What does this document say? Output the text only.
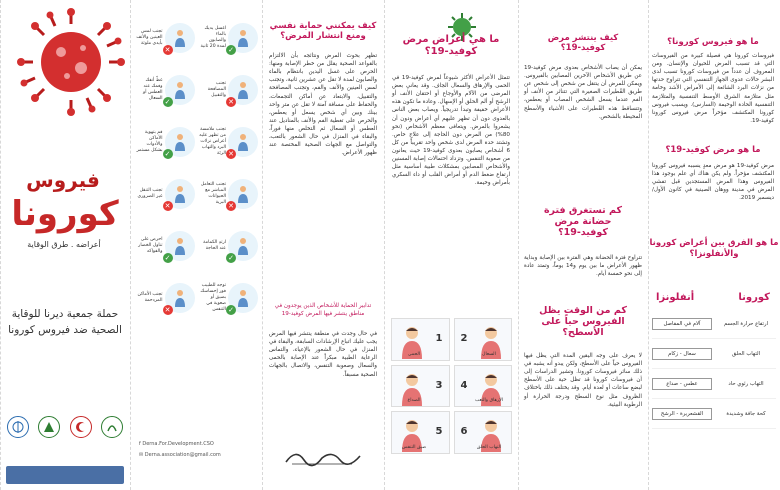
فيروس
كورونا
أعراضه . طرق الوقاية
حملة جمعية ديرنا للوقاية الصحية ضد فيروس كورونا
✓
اغسل يديك بالماء والصابون لمدة 20 ثانية
✕
تجنب لمس العينين والأنف بأيدي ملوثة
✕
تجنب المصافحة والتقبيل
✓
غطّ أنفك وفمك عند العطس أو السعال
✕
تجنب ملامسة من تظهر عليه أعراض نزلات البرد والتهاب الرئة
✓
قم بتهوية الأماكن والأدوات بشكل مستمر
✕
تجنب التعامل المباشر مع الحيوانات البرية
✕
تجنب التنقل غير الضروري
✓
ارتدِ الكمامة عند الحاجة
✓
احرص على تناول الخضار والفواكه
✓
توجه للطبيب فور إحساسك بضيق أو صعوبة في التنفس
✕
تجنب الأماكن المزدحمة
f Derna.For.Development.CSO
✉ Derna.association@gmail.com
كيف يمكنني حماية نفسي ومنع انتشار المرض؟
تظهر بحوث المرض ونتائجه بأن الالتزام بالقواعد الصحية يقلل من خطر الإصابة ومنها: الحرص على غسل اليدين بانتظام بالماء والصابون لمدة لا تقل عن عشرين ثانية، وتجنب لمس العينين والأنف والفم، وتجنب المصافحة والتقبيل، والابتعاد عن أماكن التجمعات، والحفاظ على مسافة آمنة لا تقل عن متر واحد بينك وبين أي شخص يسعل أو يعطس، والحرص على تغطية الفم والأنف بالمناديل عند العطس أو السعال ثم التخلص منها فوراً، والبقاء في المنزل في حال الشعور بالتعب، والتواصل مع الجهات الصحية المختصة عند ظهور الأعراض.
تدابير الحماية للأشخاص الذين يوجدون في مناطق ينتشر فيها المرض كوفيد-19
في حال وجدت في منطقة ينتشر فيها المرض يجب عليك اتباع الإرشادات السابقة، والبقاء في المنزل في حال الشعور بالإعياء، والتماس الرعاية الطبية مبكراً عند الإصابة بالحمى والسعال وصعوبة التنفس، والاتصال بالجهات الصحية مسبقاً.
ما هي أعراض مرض كوفيد-19؟
تتمثل الأعراض الأكثر شيوعاً لمرض كوفيد-19 في الحمى والإرهاق والسعال الجاف. وقد يعاني بعض المرضى من الآلام والأوجاع أو احتقان الأنف أو الرشح أو ألم الحلق أو الإسهال. وعادة ما تكون هذه الأعراض خفيفة وتبدأ تدريجياً. ويصاب بعض الناس بالعدوى دون أن تظهر عليهم أي أعراض ودون أن يشعروا بالمرض. ويتعافى معظم الأشخاص (نحو 80%) من المرض دون الحاجة إلى علاج خاص. وتشتد حدة المرض لدى شخص واحد تقريباً من كل 6 أشخاص يصابون بعدوى كوفيد-19 حيث يعانون من صعوبة التنفس. وتزداد احتمالات إصابة المسنين والأشخاص المصابين بمشكلات طبية أساسية مثل ارتفاع ضغط الدم أو أمراض القلب أو داء السكري بأمراض وخيمة.
1
الحمى
2
السعال
3
الصداع
4
الإرهاق والتعب
5
ضيق التنفس
6
التهاب الحلق
كيف ينتشر مرض كوفيد-19؟
يمكن أن يصاب الأشخاص بعدوى مرض كوفيد-19 عن طريق الأشخاص الآخرين المصابين بالفيروس. ويمكن للمرض أن ينتقل من شخص إلى شخص عن طريق القُطيرات الصغيرة التي تتناثر من الأنف أو الفم عندما يسعل الشخص المصاب أو يعطس، وتتساقط هذه القُطيرات على الأشياء والأسطح المحيطة بالشخص.
كم تستغرق فترة حضانة مرض كوفيد-19؟
تتراوح فترة الحضانة وهي الفترة بين الإصابة وبداية ظهور الأعراض ما بين يوم و14 يوماً، وتمتد عادة إلى نحو خمسة أيام.
كم من الوقت يظل الفيروس حياً على الأسطح؟
لا يعرف على وجه اليقين المدة التي يظل فيها الفيروس حياً على الأسطح، ولكن يبدو أنه يشبه في ذلك سائر فيروسات كورونا. وتشير الدراسات إلى أن فيروسات كورونا قد تظل حية على الأسطح لبضع ساعات أو لعدة أيام. وقد يختلف ذلك باختلاف الظروف مثل نوع السطح ودرجة الحرارة أو الرطوبة البيئية.
ما هو فيروس كورونا؟
فيروسات كورونا هي فصيلة كبيرة من الفيروسات التي قد تسبب المرض للحيوان والإنسان. ومن المعروف أن عدداً من فيروسات كورونا تسبب لدى البشر حالات عدوى الجهاز التنفسي التي تتراوح حدتها من نزلات البرد الشائعة إلى الأمراض الأشد وخامة مثل متلازمة الشرق الأوسط التنفسية والمتلازمة التنفسية الحادة الوخيمة (السارس). ويسبب فيروس كورونا المكتشف مؤخراً مرض فيروس كورونا كوفيد-19.
ما هو مرض كوفيد-19؟
مرض كوفيد-19 هو مرض معدٍ يسببه فيروس كورونا المكتشف مؤخراً. ولم يكن هناك أي علم بوجود هذا الفيروس وهذا المرض المستجدين قبل تفشي المرض في مدينة ووهان الصينية في كانون الأول/ ديسمبر 2019.
ما هو الفرق بين أعراض كورونا والأنفلونزا؟
كورونا
أنفلونزا
ارتفاع حرارة الجسم
آلام في المفاصل
التهاب الحلق
سعال - زكام
التهاب رئوي حاد
عطس - صداع
كحة جافة وشديدة
القشعريرة - الرشح
